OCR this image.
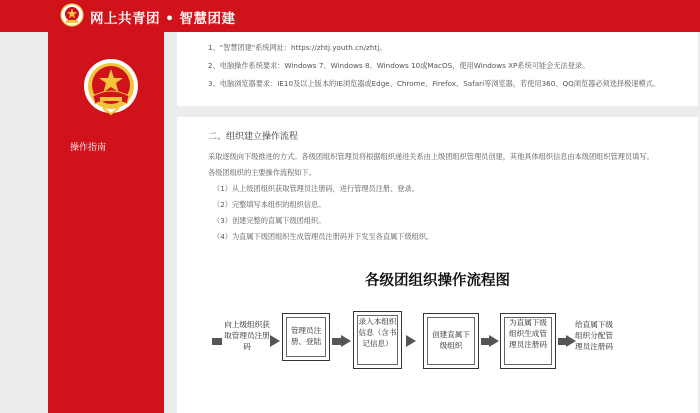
网上共青团 • 智慧团建
操作指南
1、"智慧团建"系统网址：https://zhtj.youth.cn/zhtj。
2、电脑操作系统要求：Windows 7、Windows 8、Windows 10或MacOS，使用Windows XP系统可能会无法登录。
3、电脑浏览器要求：IE10及以上版本的IE浏览器或Edge、Chrome、Firefox、Safari等浏览器，若使用360、QQ浏览器必须选择极速模式。
二、组织建立操作流程
采取逐级向下级推进的方式。各级团组织管理员将根据组织递进关系由上级团组织管理员创建，其他具体组织信息由本级团组织管理员填写。
各级团组织的主要操作流程如下。
（1）从上级团组织获取管理员注册码，进行管理员注册、登录。
（2）完整填写本组织的组织信息。
（3）创建完整的直属下级团组织。
（4）为直属下级团组织生成管理员注册码并下发至各直属下级组织。
各级团组织操作流程图
向上级组织获取管理员注册码
管理员注册、登陆
录入本组织信息（含书记信息）
创建直属下级组织
为直属下级组织生成管理员注册码
给直属下级组织分配管理员注册码
